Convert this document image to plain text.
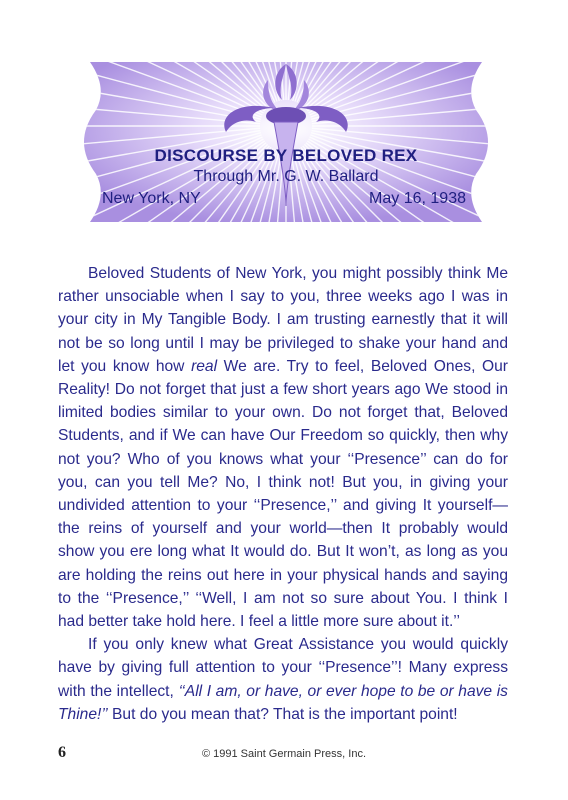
DISCOURSE BY BELOVED REX
Through Mr. G. W. Ballard
New York, NY	May 16, 1938

Beloved Students of New York, you might possibly think Me rather unsociable when I say to you, three weeks ago I was in your city in My Tangible Body. I am trusting earnestly that it will not be so long until I may be privileged to shake your hand and let you know how real We are. Try to feel, Beloved Ones, Our Reality! Do not forget that just a few short years ago We stood in limited bodies similar to your own. Do not forget that, Beloved Students, and if We can have Our Freedom so quickly, then why not you? Who of you knows what your ‘‘Presence’’ can do for you, can you tell Me? No, I think not! But you, in giving your undivided attention to your ‘‘Presence,’’ and giving It yourself—the reins of yourself and your world—then It probably would show you ere long what It would do. But It won’t, as long as you are holding the reins out here in your physical hands and saying to the ‘‘Presence,’’ ‘‘Well, I am not so sure about You. I think I had better take hold here. I feel a little more sure about it.’’

If you only knew what Great Assistance you would quickly have by giving full attention to your ‘‘Presence’’! Many express with the intellect, ‘‘All I am, or have, or ever hope to be or have is Thine!’’ But do you mean that? That is the important point!

6	© 1991 Saint Germain Press, Inc.
